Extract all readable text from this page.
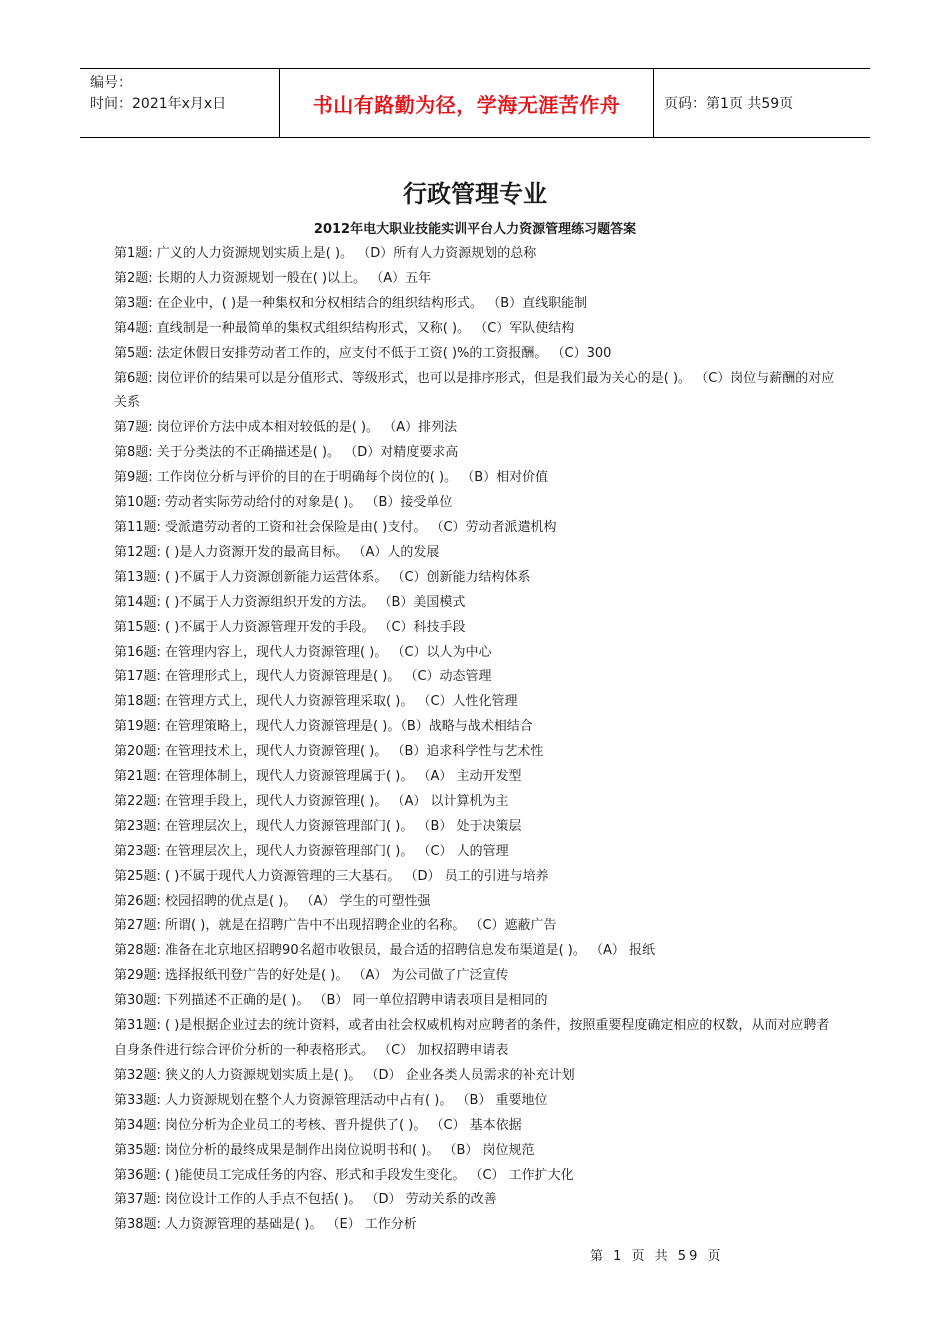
编号：
时间：2021年x月x日	书山有路勤为径，学海无涯苦作舟	页码：第1页 共59页
行政管理专业
2012年电大职业技能实训平台人力资源管理练习题答案

第1题: 广义的人力资源规划实质上是( )。 （D）所有人力资源规划的总称

第2题: 长期的人力资源规划一般在( )以上。 （A）五年

第3题: 在企业中，( )是一种集权和分权相结合的组织结构形式。 （B）直线职能制

第4题: 直线制是一种最简单的集权式组织结构形式，又称( )。 （C）军队使结构

第5题: 法定休假日安排劳动者工作的，应支付不低于工资( )%的工资报酬。 （C）300

第6题: 岗位评价的结果可以是分值形式、等级形式，也可以是排序形式，但是我们最为关心的是( )。 （C）岗位与薪酬的对应关系

第7题: 岗位评价方法中成本相对较低的是( )。 （A）排列法

第8题: 关于分类法的不正确描述是( )。 （D）对精度要求高

第9题: 工作岗位分析与评价的目的在于明确每个岗位的( )。 （B）相对价值

第10题: 劳动者实际劳动给付的对象是( )。 （B）接受单位

第11题: 受派遣劳动者的工资和社会保险是由( )支付。 （C）劳动者派遣机构

第12题: ( )是人力资源开发的最高目标。 （A）人的发展

第13题: ( )不属于人力资源创新能力运营体系。 （C）创新能力结构体系

第14题: ( )不属于人力资源组织开发的方法。 （B）美国模式

第15题: ( )不属于人力资源管理开发的手段。 （C）科技手段

第16题: 在管理内容上，现代人力资源管理( )。 （C）以人为中心

第17题: 在管理形式上，现代人力资源管理是( )。 （C）动态管理

第18题: 在管理方式上，现代人力资源管理采取( )。 （C）人性化管理

第19题: 在管理策略上，现代人力资源管理是( )。（B）战略与战术相结合

第20题: 在管理技术上，现代人力资源管理( )。 （B）追求科学性与艺术性

第21题: 在管理体制上，现代人力资源管理属于( )。 （A） 主动开发型

第22题: 在管理手段上，现代人力资源管理( )。 （A） 以计算机为主

第23题: 在管理层次上，现代人力资源管理部门( )。 （B） 处于决策层

第23题: 在管理层次上，现代人力资源管理部门( )。 （C） 人的管理

第25题: ( )不属于现代人力资源管理的三大基石。 （D） 员工的引进与培养

第26题: 校园招聘的优点是( )。 （A） 学生的可塑性强

第27题: 所谓( )，就是在招聘广告中不出现招聘企业的名称。 （C）遮蔽广告

第28题: 准备在北京地区招聘90名超市收银员，最合适的招聘信息发布渠道是( )。 （A） 报纸

第29题: 选择报纸刊登广告的好处是( )。 （A） 为公司做了广泛宣传

第30题: 下列描述不正确的是( )。 （B） 同一单位招聘申请表项目是相同的

第31题: ( )是根据企业过去的统计资料，或者由社会权威机构对应聘者的条件，按照重要程度确定相应的权数，从而对应聘者自身条件进行综合评价分析的一种表格形式。 （C） 加权招聘申请表

第32题: 狭义的人力资源规划实质上是( )。 （D） 企业各类人员需求的补充计划

第33题: 人力资源规划在整个人力资源管理活动中占有( )。 （B） 重要地位

第34题: 岗位分析为企业员工的考核、晋升提供了( )。 （C） 基本依据

第35题: 岗位分析的最终成果是制作出岗位说明书和( )。 （B） 岗位规范

第36题: ( )能使员工完成任务的内容、形式和手段发生变化。 （C） 工作扩大化

第37题: 岗位设计工作的人手点不包括( )。 （D） 劳动关系的改善

第38题: 人力资源管理的基础是( )。 （E） 工作分析

第 1 页 共 59 页
